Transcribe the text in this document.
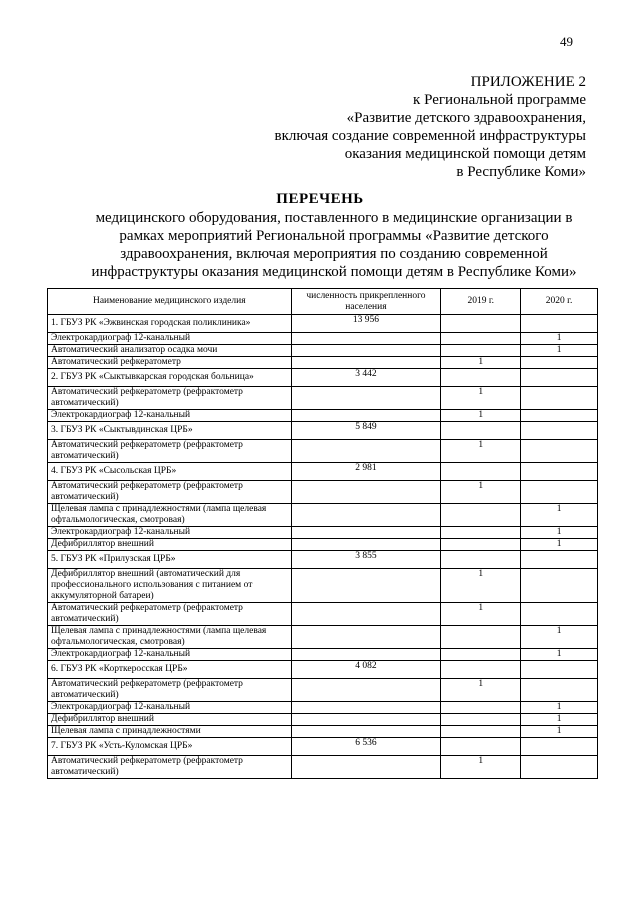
49
ПРИЛОЖЕНИЕ 2
к Региональной программе
«Развитие детского здравоохранения,
включая создание современной инфраструктуры
оказания медицинской помощи детям
в Республике Коми»
ПЕРЕЧЕНЬ
медицинского оборудования, поставленного в медицинские организации в
рамках мероприятий Региональной программы «Развитие детского
здравоохранения, включая мероприятия по созданию современной
инфраструктуры оказания медицинской помощи детям в Республике Коми»
Наименование медицинского изделия	численность прикрепленного населения	2019 г.	2020 г.
1. ГБУЗ РК «Эжвинская городская поликлиника»	13 956		
Электрокардиограф 12-канальный			1
Автоматический анализатор осадка мочи			1
Автоматический рефкератометр		1	
2. ГБУЗ РК «Сыктывкарская городская больница»	3 442		
Автоматический рефкератометр (рефрактометр автоматический)		1	
Электрокардиограф 12-канальный		1	
3. ГБУЗ РК «Сыктывдинская ЦРБ»	5 849		
Автоматический рефкератометр (рефрактометр автоматический)		1	
4. ГБУЗ РК «Сысольская ЦРБ»	2 981		
Автоматический рефкератометр (рефрактометр автоматический)		1	
Щелевая лампа с принадлежностями (лампа щелевая офтальмологическая, смотровая)			1
Электрокардиограф 12-канальный			1
Дефибриллятор внешний			1
5. ГБУЗ РК «Прилузская ЦРБ»	3 855		
Дефибриллятор внешний (автоматический для профессионального использования с питанием от аккумуляторной батареи)		1	
Автоматический рефкератометр (рефрактометр автоматический)		1	
Щелевая лампа с принадлежностями (лампа щелевая офтальмологическая, смотровая)			1
Электрокардиограф 12-канальный			1
6. ГБУЗ РК «Корткеросская ЦРБ»	4 082		
Автоматический рефкератометр (рефрактометр автоматический)		1	
Электрокардиограф 12-канальный			1
Дефибриллятор внешний			1
Щелевая лампа с принадлежностями			1
7. ГБУЗ РК «Усть-Куломская ЦРБ»	6 536		
Автоматический рефкератометр (рефрактометр автоматический)		1	
